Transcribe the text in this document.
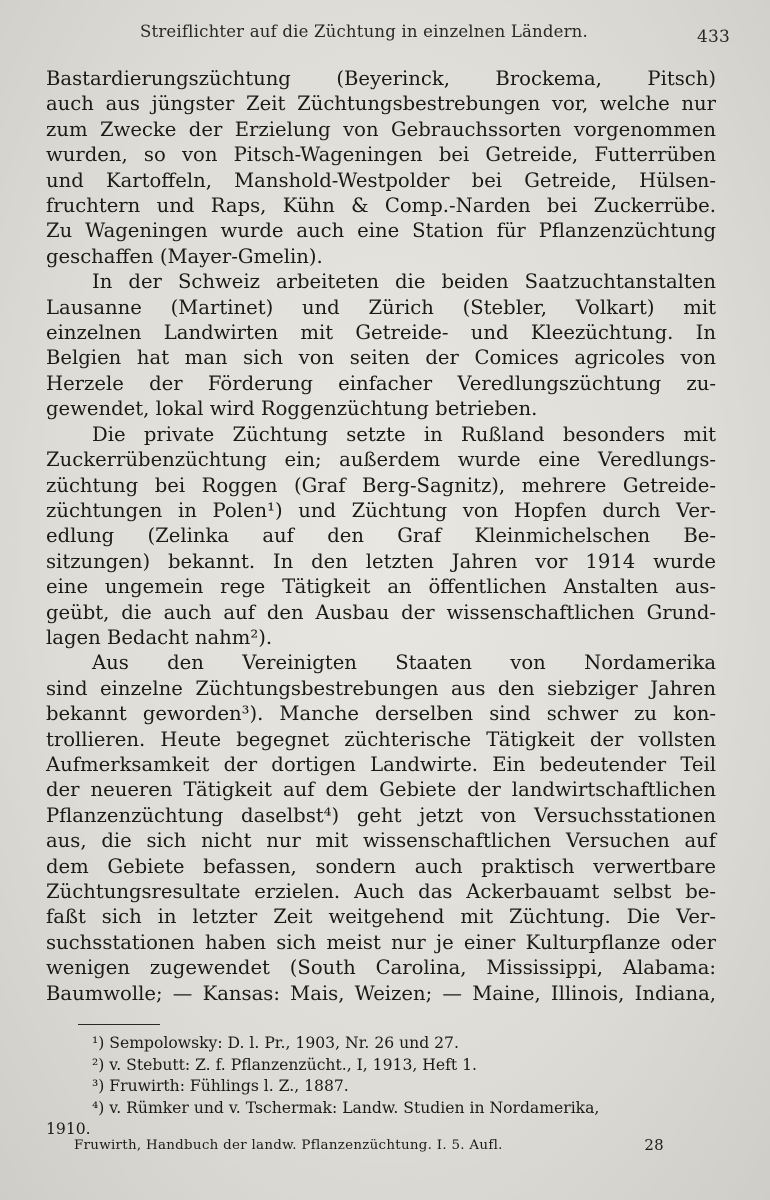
Streiflichter auf die Züchtung in einzelnen Ländern.	433
Bastardierungszüchtung (Beyerinck, Brockema, Pitsch)
auch aus jüngster Zeit Züchtungsbestrebungen vor, welche nur
zum Zwecke der Erzielung von Gebrauchssorten vorgenommen
wurden, so von Pitsch-Wageningen bei Getreide, Futterrüben
und Kartoffeln, Manshold-Westpolder bei Getreide, Hülsen-
fruchtern und Raps, Kühn & Comp.-Narden bei Zuckerrübe.
Zu Wageningen wurde auch eine Station für Pflanzenzüchtung
geschaffen (Mayer-Gmelin).
In der Schweiz arbeiteten die beiden Saatzuchtanstalten
Lausanne (Martinet) und Zürich (Stebler, Volkart) mit
einzelnen Landwirten mit Getreide- und Kleezüchtung. In
Belgien hat man sich von seiten der Comices agricoles von
Herzele der Förderung einfacher Veredlungszüchtung zu-
gewendet, lokal wird Roggenzüchtung betrieben.
Die private Züchtung setzte in Rußland besonders mit
Zuckerrübenzüchtung ein; außerdem wurde eine Veredlungs-
züchtung bei Roggen (Graf Berg-Sagnitz), mehrere Getreide-
züchtungen in Polen¹) und Züchtung von Hopfen durch Ver-
edlung (Zelinka auf den Graf Kleinmichelschen Be-
sitzungen) bekannt. In den letzten Jahren vor 1914 wurde
eine ungemein rege Tätigkeit an öffentlichen Anstalten aus-
geübt, die auch auf den Ausbau der wissenschaftlichen Grund-
lagen Bedacht nahm²).
Aus den Vereinigten Staaten von Nordamerika
sind einzelne Züchtungsbestrebungen aus den siebziger Jahren
bekannt geworden³). Manche derselben sind schwer zu kon-
trollieren. Heute begegnet züchterische Tätigkeit der vollsten
Aufmerksamkeit der dortigen Landwirte. Ein bedeutender Teil
der neueren Tätigkeit auf dem Gebiete der landwirtschaftlichen
Pflanzenzüchtung daselbst⁴) geht jetzt von Versuchsstationen
aus, die sich nicht nur mit wissenschaftlichen Versuchen auf
dem Gebiete befassen, sondern auch praktisch verwertbare
Züchtungsresultate erzielen. Auch das Ackerbauamt selbst be-
faßt sich in letzter Zeit weitgehend mit Züchtung. Die Ver-
suchsstationen haben sich meist nur je einer Kulturpflanze oder
wenigen zugewendet (South Carolina, Mississippi, Alabama:
Baumwolle; — Kansas: Mais, Weizen; — Maine, Illinois, Indiana,
¹) Sempolowsky: D. l. Pr., 1903, Nr. 26 und 27.
²) v. Stebutt: Z. f. Pflanzenzücht., I, 1913, Heft 1.
³) Fruwirth: Fühlings l. Z., 1887.
⁴) v. Rümker und v. Tschermak: Landw. Studien in Nordamerika,
1910.
Fruwirth, Handbuch der landw. Pflanzenzüchtung. I. 5. Aufl.	28
